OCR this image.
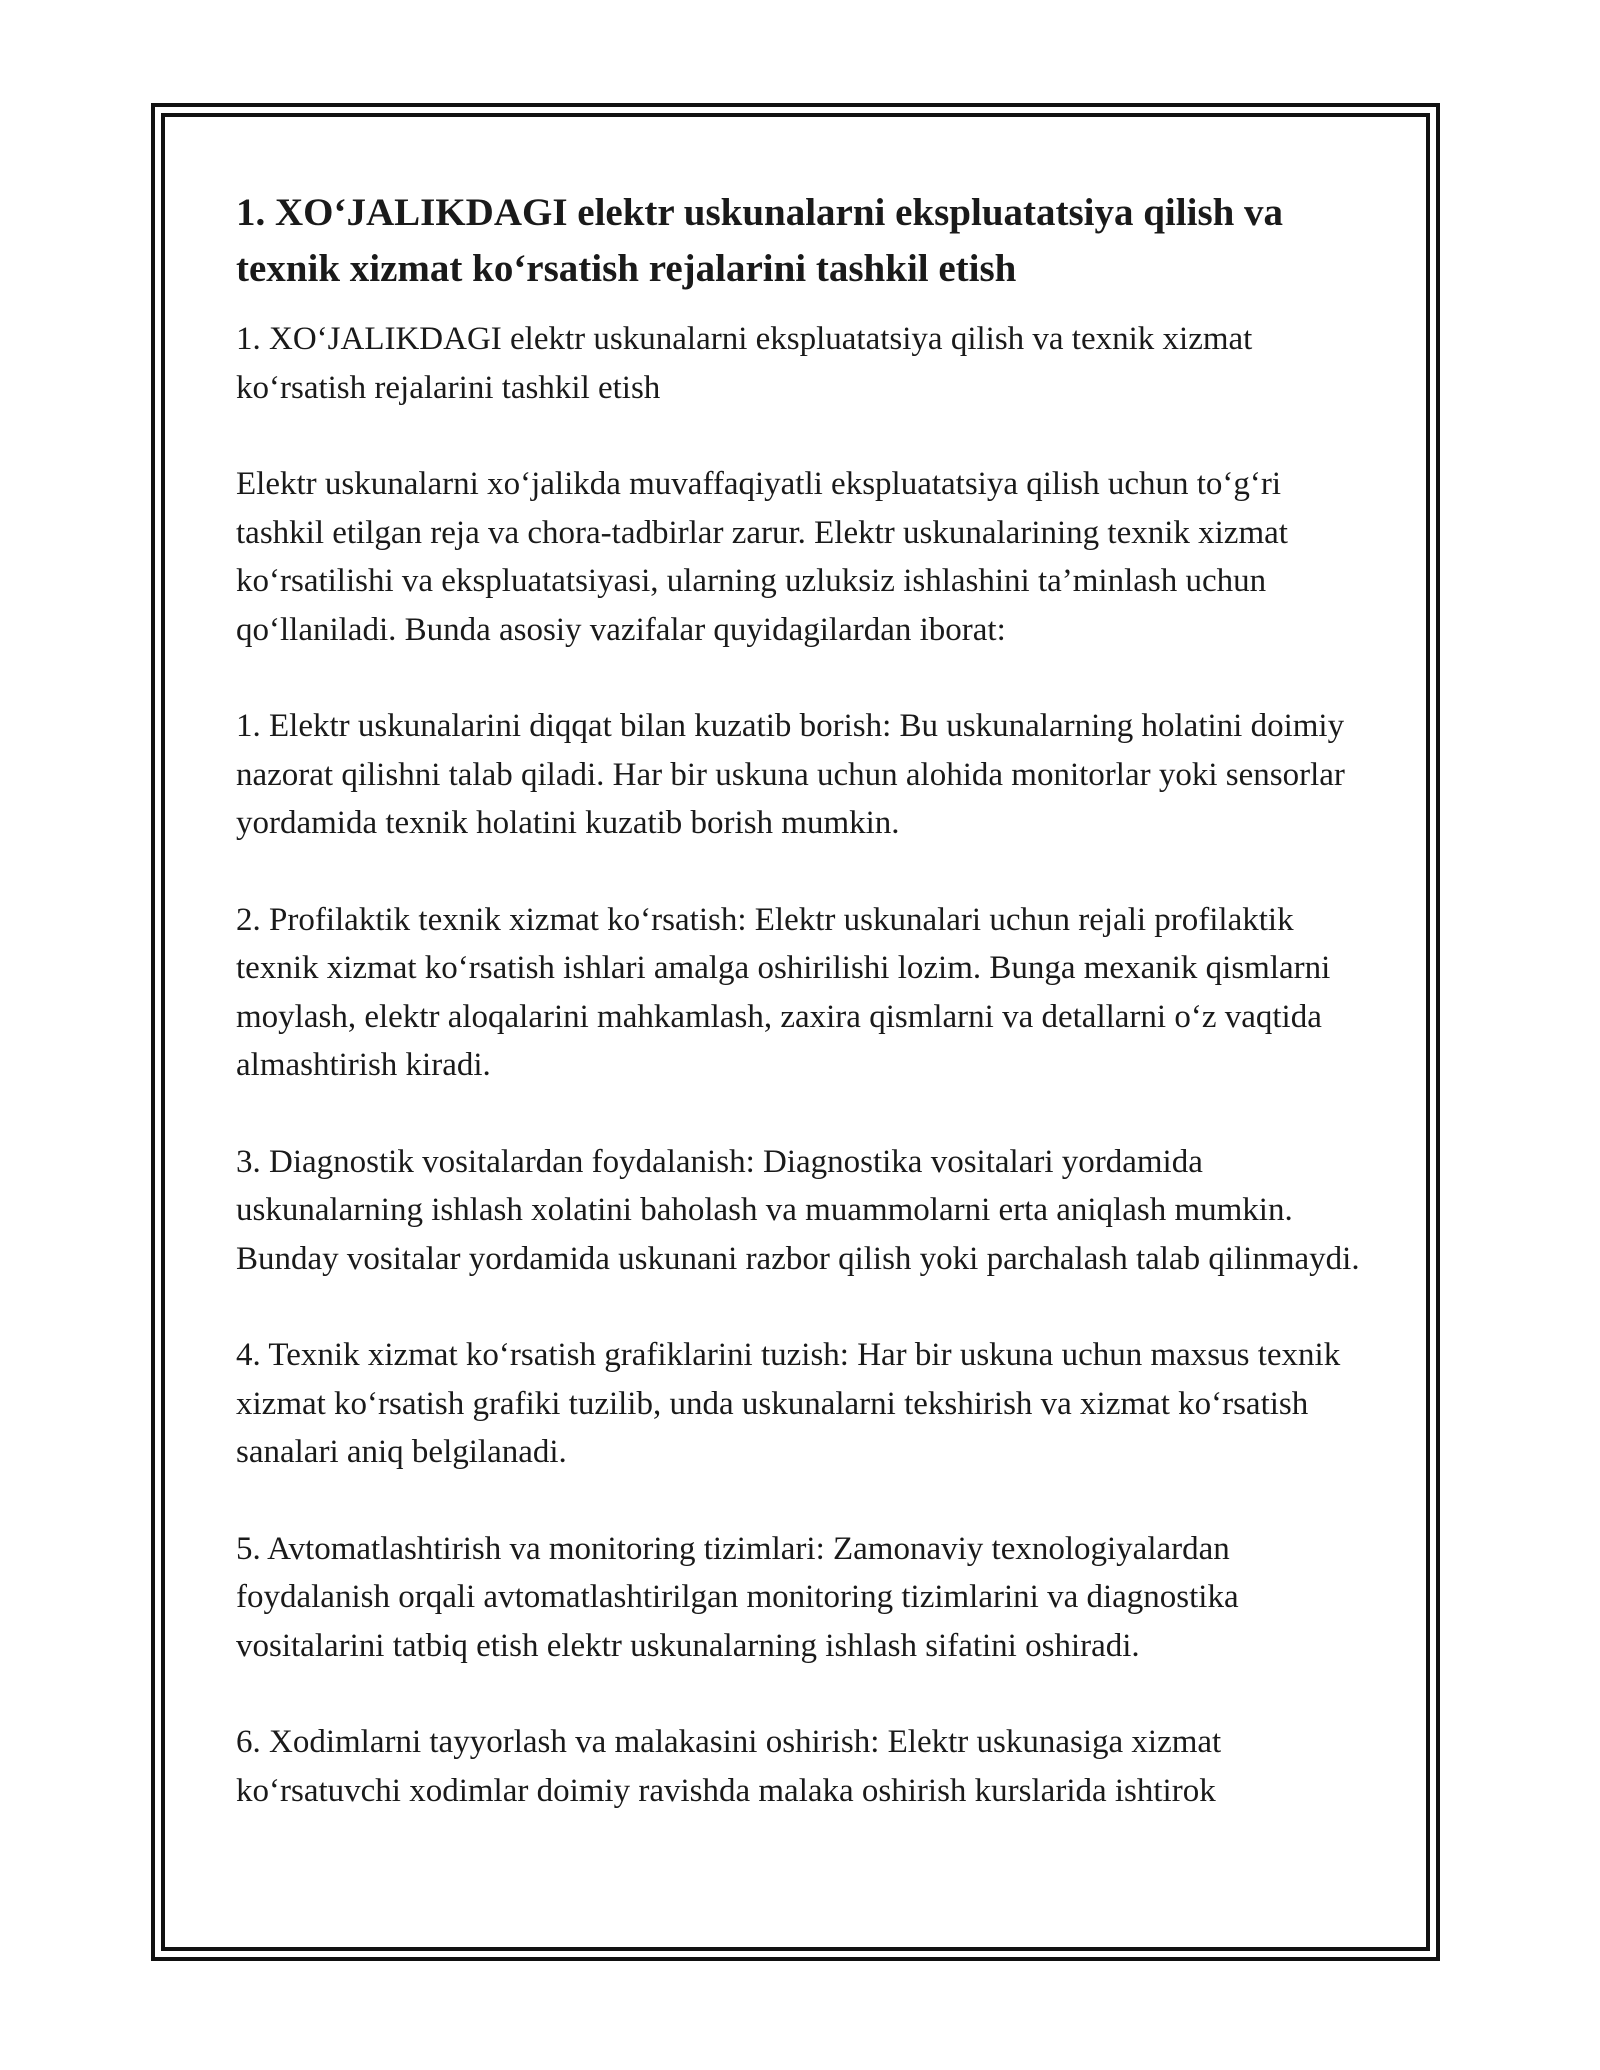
1. XO‘JALIKDAGI elektr uskunalarni ekspluatatsiya qilish va texnik xizmat ko‘rsatish rejalarini tashkil etish

1. XO‘JALIKDAGI elektr uskunalarni ekspluatatsiya qilish va texnik xizmat ko‘rsatish rejalarini tashkil etish

Elektr uskunalarni xo‘jalikda muvaffaqiyatli ekspluatatsiya qilish uchun to‘g‘ri tashkil etilgan reja va chora-tadbirlar zarur. Elektr uskunalarining texnik xizmat ko‘rsatilishi va ekspluatatsiyasi, ularning uzluksiz ishlashini ta’minlash uchun qo‘llaniladi. Bunda asosiy vazifalar quyidagilardan iborat:

1. Elektr uskunalarini diqqat bilan kuzatib borish: Bu uskunalarning holatini doimiy nazorat qilishni talab qiladi. Har bir uskuna uchun alohida monitorlar yoki sensorlar yordamida texnik holatini kuzatib borish mumkin.

2. Profilaktik texnik xizmat ko‘rsatish: Elektr uskunalari uchun rejali profilaktik texnik xizmat ko‘rsatish ishlari amalga oshirilishi lozim. Bunga mexanik qismlarni moylash, elektr aloqalarini mahkamlash, zaxira qismlarni va detallarni o‘z vaqtida almashtirish kiradi.

3. Diagnostik vositalardan foydalanish: Diagnostika vositalari yordamida uskunalarning ishlash xolatini baholash va muammolarni erta aniqlash mumkin. Bunday vositalar yordamida uskunani razbor qilish yoki parchalash talab qilinmaydi.

4. Texnik xizmat ko‘rsatish grafiklarini tuzish: Har bir uskuna uchun maxsus texnik xizmat ko‘rsatish grafiki tuzilib, unda uskunalarni tekshirish va xizmat ko‘rsatish sanalari aniq belgilanadi.

5. Avtomatlashtirish va monitoring tizimlari: Zamonaviy texnologiyalardan foydalanish orqali avtomatlashtirilgan monitoring tizimlarini va diagnostika vositalarini tatbiq etish elektr uskunalarning ishlash sifatini oshiradi.

6. Xodimlarni tayyorlash va malakasini oshirish: Elektr uskunasiga xizmat ko‘rsatuvchi xodimlar doimiy ravishda malaka oshirish kurslarida ishtirok
